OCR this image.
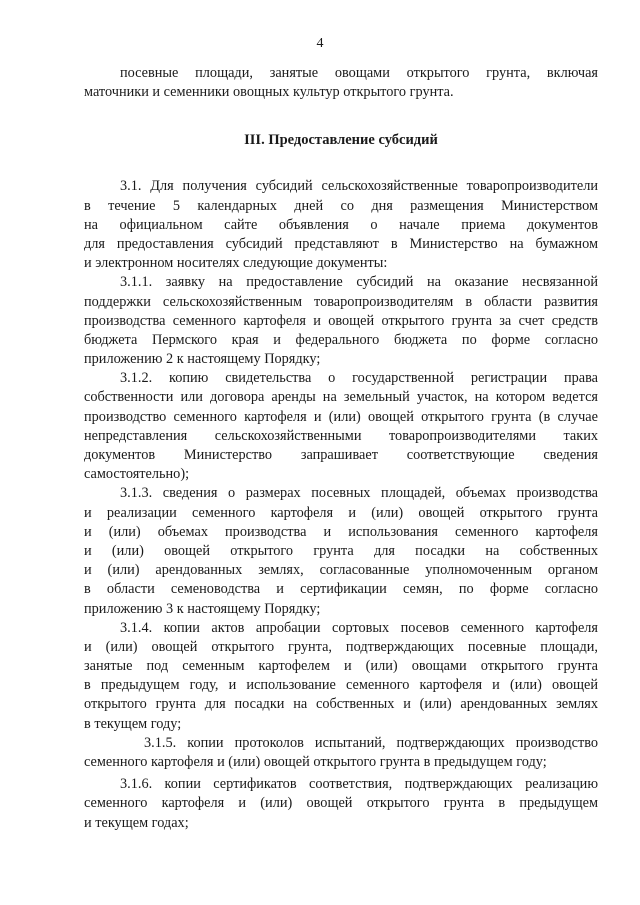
4

посевные площади, занятые овощами открытого грунта, включая
маточники и семенники овощных культур открытого грунта.

III. Предоставление субсидий

3.1. Для получения субсидий сельскохозяйственные товаропроизводители
в течение 5 календарных дней со дня размещения Министерством
на официальном сайте объявления о начале приема документов
для предоставления субсидий представляют в Министерство на бумажном
и электронном носителях следующие документы:

3.1.1. заявку на предоставление субсидий на оказание несвязанной
поддержки сельскохозяйственным товаропроизводителям в области развития
производства семенного картофеля и овощей открытого грунта за счет средств
бюджета Пермского края и федерального бюджета по форме согласно
приложению 2 к настоящему Порядку;

3.1.2. копию свидетельства о государственной регистрации права
собственности или договора аренды на земельный участок, на котором ведется
производство семенного картофеля и (или) овощей открытого грунта (в случае
непредставления сельскохозяйственными товаропроизводителями таких
документов Министерство запрашивает соответствующие сведения
самостоятельно);

3.1.3. сведения о размерах посевных площадей, объемах производства
и реализации семенного картофеля и (или) овощей открытого грунта
и (или) объемах производства и использования семенного картофеля
и (или) овощей открытого грунта для посадки на собственных
и (или) арендованных землях, согласованные уполномоченным органом
в области семеноводства и сертификации семян, по форме согласно
приложению 3 к настоящему Порядку;

3.1.4. копии актов апробации сортовых посевов семенного картофеля
и (или) овощей открытого грунта, подтверждающих посевные площади,
занятые под семенным картофелем и (или) овощами открытого грунта
в предыдущем году, и использование семенного картофеля и (или) овощей
открытого грунта для посадки на собственных и (или) арендованных землях
в текущем году;

3.1.5. копии протоколов испытаний, подтверждающих производство
семенного картофеля и (или) овощей открытого грунта в предыдущем году;

3.1.6. копии сертификатов соответствия, подтверждающих реализацию
семенного картофеля и (или) овощей открытого грунта в предыдущем
и текущем годах;
